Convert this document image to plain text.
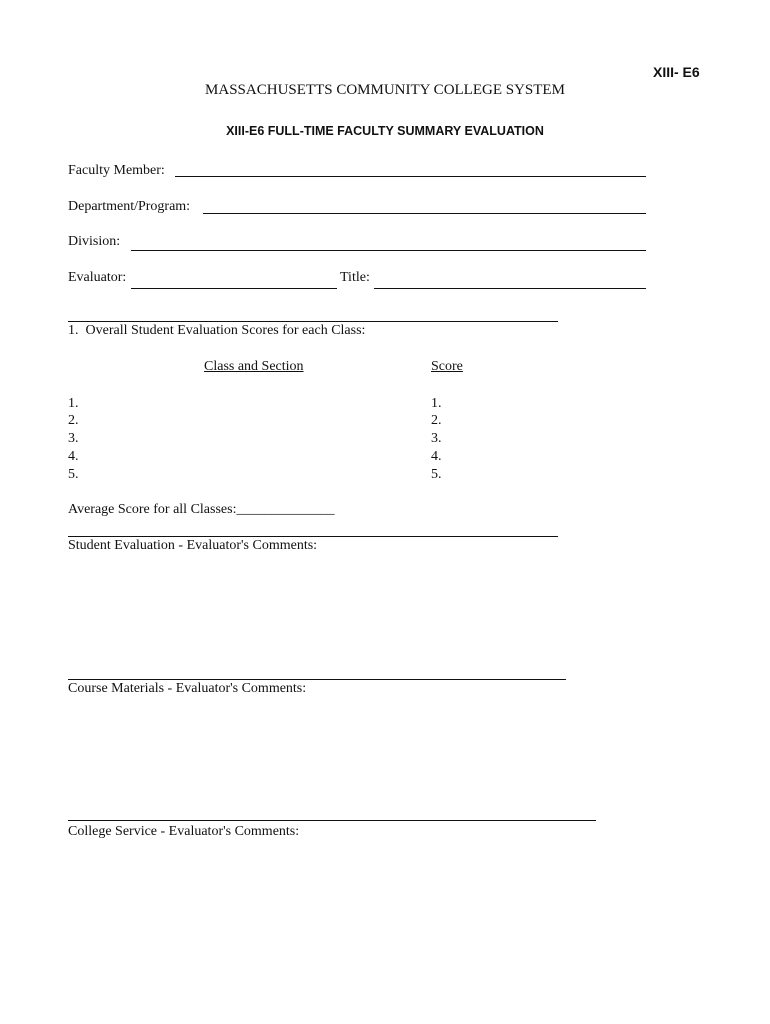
XIII- E6
MASSACHUSETTS COMMUNITY COLLEGE SYSTEM
XIII-E6 FULL-TIME FACULTY SUMMARY EVALUATION
Faculty Member:
Department/Program:
Division:
Evaluator:	Title:
1.  Overall Student Evaluation Scores for each Class:
Class and Section	Score
1.
2.
3.
4.
5.
1.
2.
3.
4.
5.
Average Score for all Classes:______________
Student Evaluation - Evaluator's Comments:
Course Materials - Evaluator's Comments:
College Service - Evaluator's Comments:
